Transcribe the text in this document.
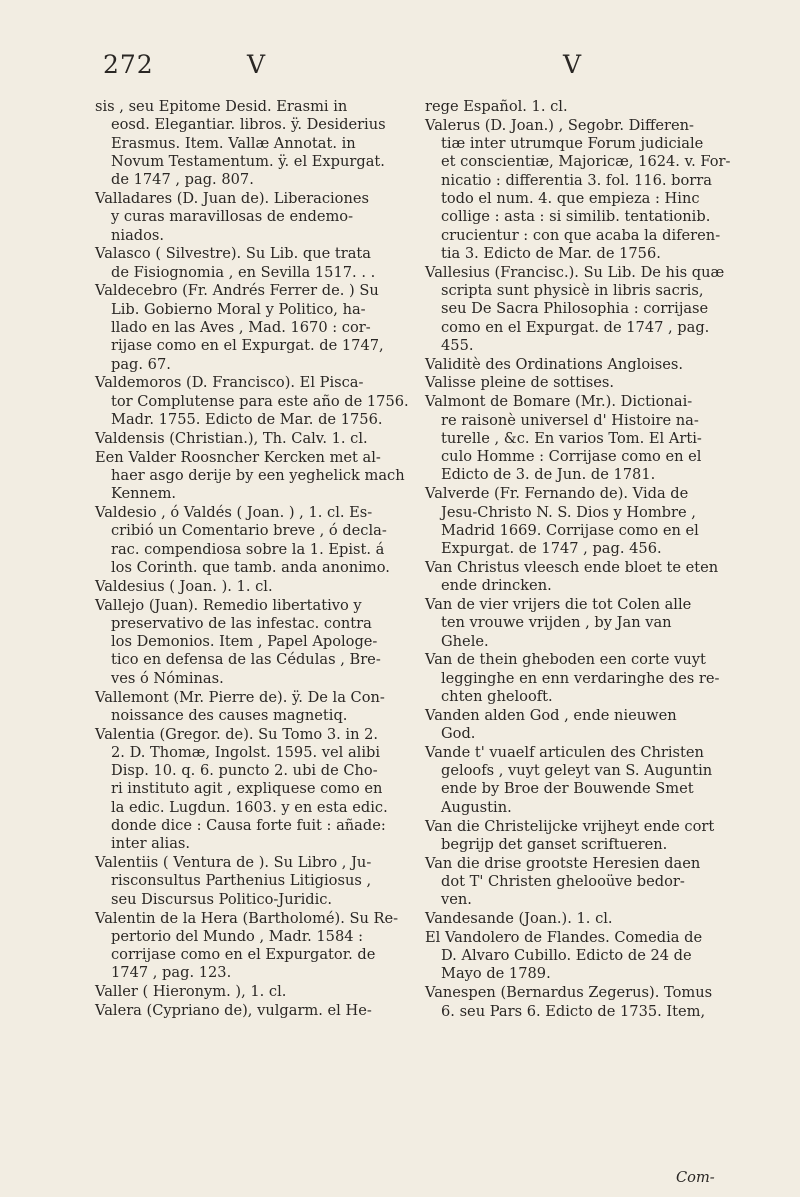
272	V	V
sis , seu Epitome Desid. Erasmi in
eosd. Elegantiar. libros. ÿ. Desiderius
Erasmus. Item. Vallæ Annotat. in
Novum Testamentum. ÿ. el Expurgat.
de 1747 , pag. 807.
Valladares (D. Juan de). Liberaciones
y curas maravillosas de endemo-
niados.
Valasco ( Silvestre). Su Lib. que trata
de Fisiognomia , en Sevilla 1517. . .
Valdecebro (Fr. Andrés Ferrer de. ) Su
Lib. Gobierno Moral y Politico, ha-
llado en las Aves , Mad. 1670 : cor-
rijase como en el Expurgat. de 1747,
pag. 67.
Valdemoros (D. Francisco). El Pisca-
tor Complutense para este año de 1756.
Madr. 1755. Edicto de Mar. de 1756.
Valdensis (Christian.), Th. Calv. 1. cl.
Een Valder Roosncher Kercken met al-
haer asgo derije by een yeghelick mach
Kennem.
Valdesio , ó Valdés ( Joan. ) , 1. cl. Es-
cribió un Comentario breve , ó decla-
rac. compendiosa sobre la 1. Epist. á
los Corinth. que tamb. anda anonimo.
Valdesius ( Joan. ). 1. cl.
Vallejo (Juan). Remedio libertativo y
preservativo de las infestac. contra
los Demonios. Item , Papel Apologe-
tico en defensa de las Cédulas , Bre-
ves ó Nóminas.
Vallemont (Mr. Pierre de). ÿ. De la Con-
noissance des causes magnetiq.
Valentia (Gregor. de). Su Tomo 3. in 2.
2. D. Thomæ, Ingolst. 1595. vel alibi
Disp. 10. q. 6. puncto 2. ubi de Cho-
ri instituto agit , expliquese como en
la edic. Lugdun. 1603. y en esta edic.
donde dice : Causa forte fuit : añade:
inter alias.
Valentiis ( Ventura de ). Su Libro , Ju-
risconsultus Parthenius Litigiosus ,
seu Discursus Politico-Juridic.
Valentin de la Hera (Bartholomé). Su Re-
pertorio del Mundo , Madr. 1584 :
corrijase como en el Expurgator. de
1747 , pag. 123.
Valler ( Hieronym. ), 1. cl.
Valera (Cypriano de), vulgarm. el He-
rege Español. 1. cl.
Valerus (D. Joan.) , Segobr. Differen-
tiæ inter utrumque Forum judiciale
et conscientiæ, Majoricæ, 1624. v. For-
nicatio : differentia 3. fol. 116. borra
todo el num. 4. que empieza : Hinc
collige : asta : si similib. tentationib.
crucientur : con que acaba la diferen-
tia 3. Edicto de Mar. de 1756.
Vallesius (Francisc.). Su Lib. De his quæ
scripta sunt physicè in libris sacris,
seu De Sacra Philosophia : corrijase
como en el Expurgat. de 1747 , pag.
455.
Validitè des Ordinations Angloises.
Valisse pleine de sottises.
Valmont de Bomare (Mr.). Dictionai-
re raisonè universel d' Histoire na-
turelle , &c. En varios Tom. El Arti-
culo Homme : Corrijase como en el
Edicto de 3. de Jun. de 1781.
Valverde (Fr. Fernando de). Vida de
Jesu-Christo N. S. Dios y Hombre ,
Madrid 1669. Corrijase como en el
Expurgat. de 1747 , pag. 456.
Van Christus vleesch ende bloet te eten
ende drincken.
Van de vier vrijers die tot Colen alle
ten vrouwe vrijden , by Jan van
Ghele.
Van de thein gheboden een corte vuyt
legginghe en enn verdaringhe des re-
chten ghelooft.
Vanden alden God , ende nieuwen
God.
Vande t' vuaelf articulen des Christen
geloofs , vuyt geleyt van S. Auguntin
ende by Broe der Bouwende Smet
Augustin.
Van die Christelijcke vrijheyt ende cort
begrijp det ganset scriftueren.
Van die drise grootste Heresien daen
dot T' Christen ghelooüve bedor-
ven.
Vandesande (Joan.). 1. cl.
El Vandolero de Flandes. Comedia de
D. Alvaro Cubillo. Edicto de 24 de
Mayo de 1789.
Vanespen (Bernardus Zegerus). Tomus
6. seu Pars 6. Edicto de 1735. Item,
Com-
